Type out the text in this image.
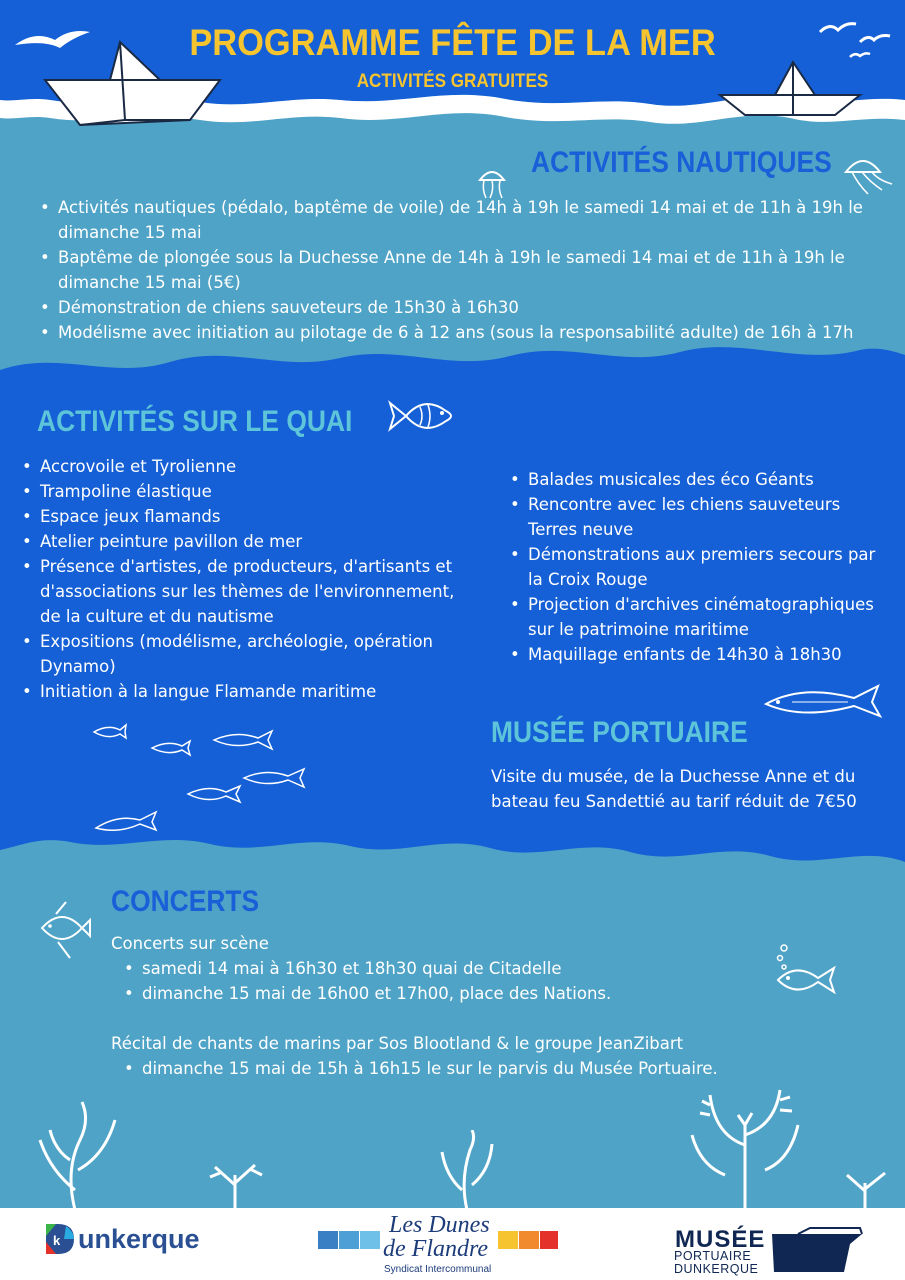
PROGRAMME FÊTE DE LA MER
ACTIVITÉS GRATUITES
ACTIVITÉS NAUTIQUES
• Activités nautiques (pédalo, baptême de voile) de 14h à 19h le samedi 14 mai et de 11h à 19h le dimanche 15 mai
• Baptême de plongée sous la Duchesse Anne de 14h à 19h le samedi 14 mai et de 11h à 19h le dimanche 15 mai (5€)
• Démonstration de chiens sauveteurs de 15h30 à 16h30
• Modélisme avec initiation au pilotage de 6 à 12 ans (sous la responsabilité adulte) de 16h à 17h
ACTIVITÉS SUR LE QUAI
• Accrovoile et Tyrolienne
• Trampoline élastique
• Espace jeux flamands
• Atelier peinture pavillon de mer
• Présence d'artistes, de producteurs, d'artisants et d'associations sur les thèmes de l'environnement, de la culture et du nautisme
• Expositions (modélisme, archéologie, opération Dynamo)
• Initiation à la langue Flamande maritime
• Balades musicales des éco Géants
• Rencontre avec les chiens sauveteurs Terres neuve
• Démonstrations aux premiers secours par la Croix Rouge
• Projection d'archives cinématographiques sur le patrimoine maritime
• Maquillage enfants de 14h30 à 18h30
MUSÉE PORTUAIRE
Visite du musée, de la Duchesse Anne et du bateau feu Sandettié au tarif réduit de 7€50
CONCERTS
Concerts sur scène
• samedi 14 mai à 16h30 et 18h30 quai de Citadelle
• dimanche 15 mai de 16h00 et 17h00, place des Nations.
Récital de chants de marins par Sos Blootland & le groupe JeanZibart
• dimanche 15 mai de 15h à 16h15 le sur le parvis du Musée Portuaire.
k unkerque	Les Dunes
de Flandre
Syndicat Intercommunal
MUSÉE
PORTUAIRE
DUNKERQUE
